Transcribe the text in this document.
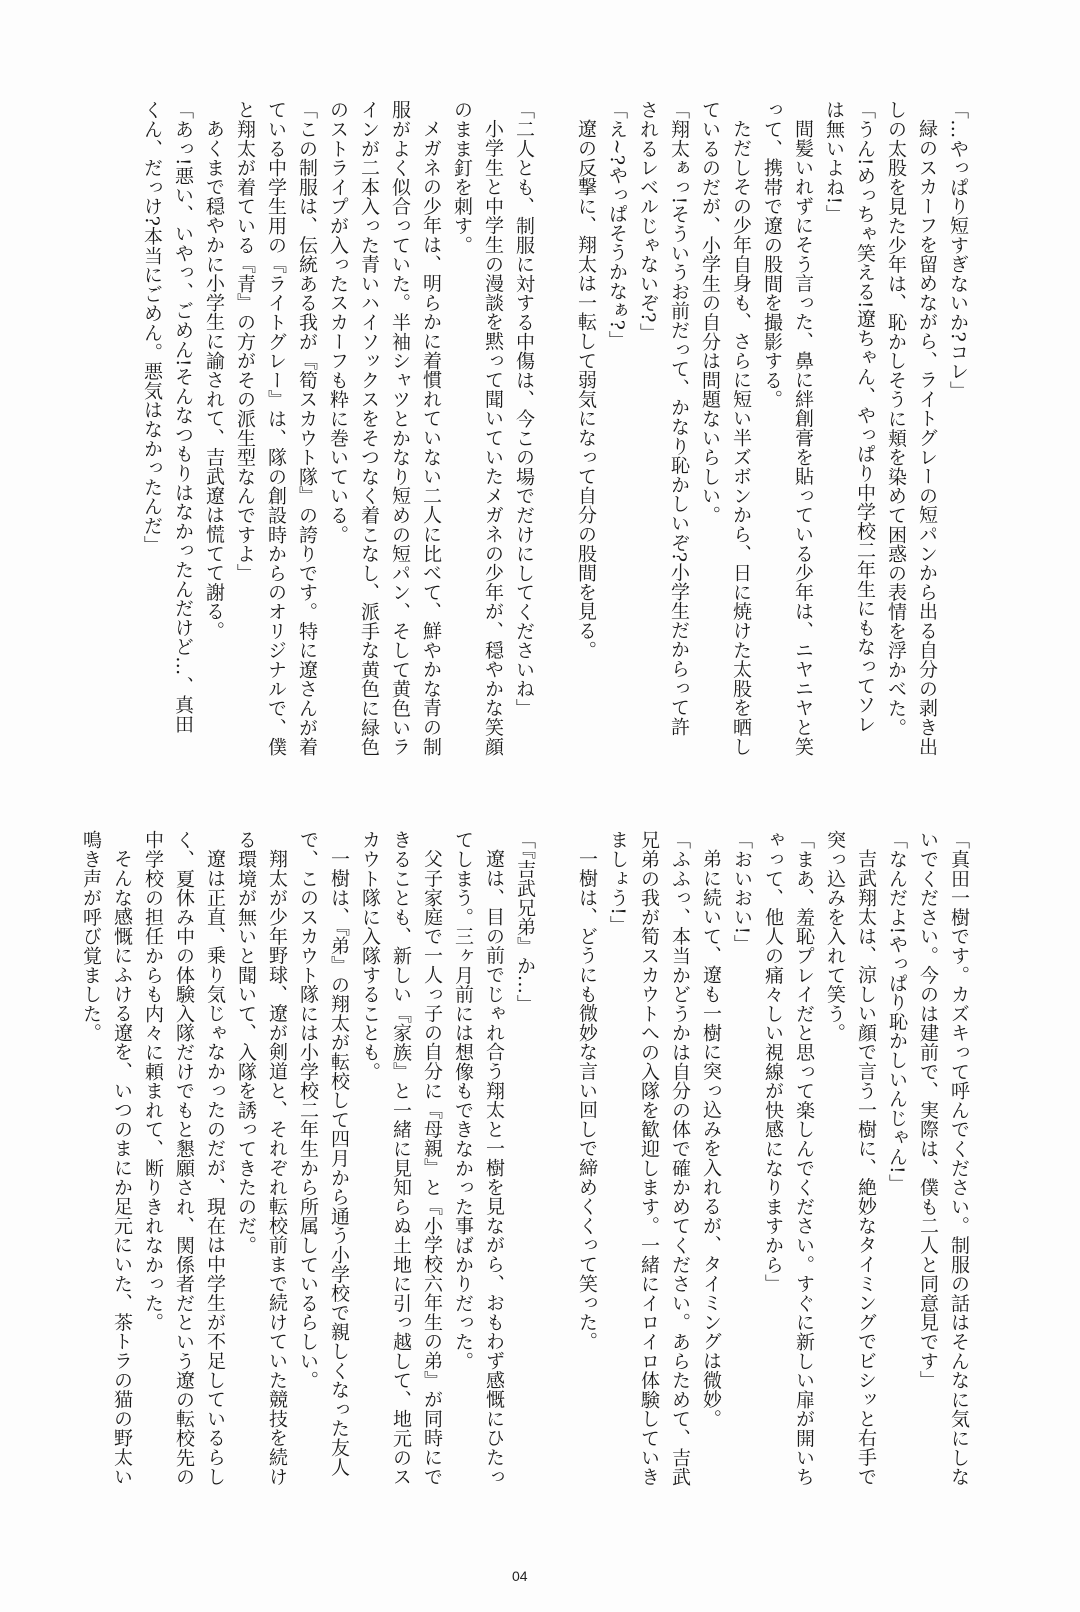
「…やっぱり短すぎないか?コレ」

緑のスカーフを留めながら、ライトグレーの短パンから出る自分の剥き出

しの太股を見た少年は、恥かしそうに頬を染めて困惑の表情を浮かべた。

「うん!めっちゃ笑える!遼ちゃん、やっぱり中学校二年生にもなってソレ

は無いよね!」

間髪いれずにそう言った、鼻に絆創膏を貼っている少年は、ニヤニヤと笑

って、携帯で遼の股間を撮影する。

ただしその少年自身も、さらに短い半ズボンから、日に焼けた太股を晒し

ているのだが、小学生の自分は問題ないらしい。

「翔太ぁっ!そういうお前だって、かなり恥かしいぞ?小学生だからって許

されるレベルじゃないぞ?」

「え~?やっぱそうかなぁ?」

遼の反撃に、翔太は一転して弱気になって自分の股間を見る。

「二人とも、制服に対する中傷は、今この場でだけにしてくださいね」

小学生と中学生の漫談を黙って聞いていたメガネの少年が、穏やかな笑顔

のまま釘を刺す。

メガネの少年は、明らかに着慣れていない二人に比べて、鮮やかな青の制

服がよく似合っていた。半袖シャツとかなり短めの短パン、そして黄色いラ

インが二本入った青いハイソックスをそつなく着こなし、派手な黄色に緑色

のストライプが入ったスカーフも粋に巻いている。

「この制服は、伝統ある我が『筍スカウト隊』の誇りです。特に遼さんが着

ている中学生用の『ライトグレー』は、隊の創設時からのオリジナルで、僕

と翔太が着ている『青』の方がその派生型なんですよ」

あくまで穏やかに小学生に諭されて、吉武遼は慌てて謝る。

「あっ!悪い、いやっ、ごめん!そんなつもりはなかったんだけど…、真田

くん、だっけ?本当にごめん。悪気はなかったんだ」

「真田一樹です。カズキって呼んでください。制服の話はそんなに気にしな

いでください。今のは建前で、実際は、僕も二人と同意見です」

「なんだよ!やっぱり恥かしいんじゃん!」

吉武翔太は、涼しい顔で言う一樹に、絶妙なタイミングでビシッと右手で

突っ込みを入れて笑う。

「まあ、羞恥プレイだと思って楽しんでください。すぐに新しい扉が開いち

ゃって、他人の痛々しい視線が快感になりますから」

「おいおい!」

弟に続いて、遼も一樹に突っ込みを入れるが、タイミングは微妙。

「ふふっ、本当かどうかは自分の体で確かめてください。あらためて、吉武

兄弟の我が筍スカウトへの入隊を歓迎します。一緒にイロイロ体験していき

ましょう!」

一樹は、どうにも微妙な言い回しで締めくくって笑った。

「『吉武兄弟』か…」

遼は、目の前でじゃれ合う翔太と一樹を見ながら、おもわず感慨にひたっ

てしまう。三ヶ月前には想像もできなかった事ばかりだった。

父子家庭で一人っ子の自分に『母親』と『小学校六年生の弟』が同時にで

きることも、新しい『家族』と一緒に見知らぬ土地に引っ越して、地元のス

カウト隊に入隊することも。

一樹は、『弟』の翔太が転校して四月から通う小学校で親しくなった友人

で、このスカウト隊には小学校二年生から所属しているらしい。

翔太が少年野球、遼が剣道と、それぞれ転校前まで続けていた競技を続け

る環境が無いと聞いて、入隊を誘ってきたのだ。

遼は正直、乗り気じゃなかったのだが、現在は中学生が不足しているらし

く、夏休み中の体験入隊だけでもと懇願され、関係者だという遼の転校先の

中学校の担任からも内々に頼まれて、断りきれなかった。

そんな感慨にふける遼を、いつのまにか足元にいた、茶トラの猫の野太い

鳴き声が呼び覚ました。

04
